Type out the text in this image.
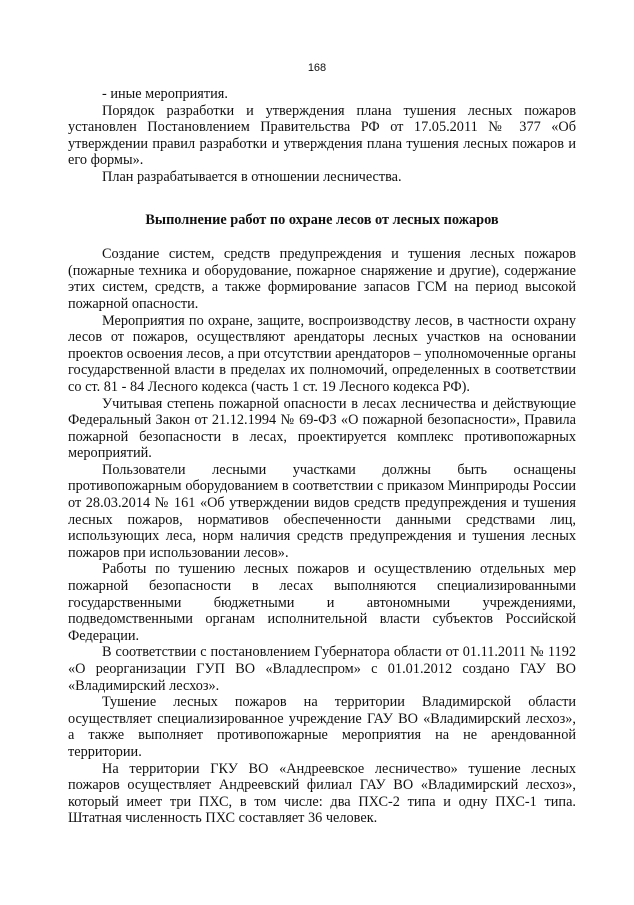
168

- иные мероприятия.

Порядок разработки и утверждения плана тушения лесных пожаров установлен Постановлением Правительства РФ от 17.05.2011 № 377 «Об утверждении правил разработки и утверждения плана тушения лесных пожаров и его формы».

План разрабатывается в отношении лесничества.

Выполнение работ по охране лесов от лесных пожаров

Создание систем, средств предупреждения и тушения лесных пожаров (пожарные техника и оборудование, пожарное снаряжение и другие), содержание этих систем, средств, а также формирование запасов ГСМ на период высокой пожарной опасности.

Мероприятия по охране, защите, воспроизводству лесов, в частности охрану лесов от пожаров, осуществляют арендаторы лесных участков на основании проектов освоения лесов, а при отсутствии арендаторов – уполномоченные органы государственной власти в пределах их полномочий, определенных в соответствии со ст. 81 - 84 Лесного кодекса (часть 1 ст. 19 Лесного кодекса РФ).

Учитывая степень пожарной опасности в лесах лесничества и действующие Федеральный Закон от 21.12.1994 № 69-ФЗ «О пожарной безопасности», Правила пожарной безопасности в лесах, проектируется комплекс противопожарных мероприятий.

Пользователи лесными участками должны быть оснащены противопожарным оборудованием в соответствии с приказом Минприроды России от 28.03.2014 № 161 «Об утверждении видов средств предупреждения и тушения лесных пожаров, нормативов обеспеченности данными средствами лиц, использующих леса, норм наличия средств предупреждения и тушения лесных пожаров при использовании лесов».

Работы по тушению лесных пожаров и осуществлению отдельных мер пожарной безопасности в лесах выполняются специализированными государственными бюджетными и автономными учреждениями, подведомственными органам исполнительной власти субъектов Российской Федерации.

В соответствии с постановлением Губернатора области от 01.11.2011 № 1192 «О реорганизации ГУП ВО «Владлеспром» с 01.01.2012 создано ГАУ ВО «Владимирский лесхоз».

Тушение лесных пожаров на территории Владимирской области осуществляет специализированное учреждение ГАУ ВО «Владимирский лесхоз», а также выполняет противопожарные мероприятия на не арендованной территории.

На территории ГКУ ВО «Андреевское лесничество» тушение лесных пожаров осуществляет Андреевский филиал ГАУ ВО «Владимирский лесхоз», который имеет три ПХС, в том числе: два ПХС-2 типа и одну ПХС-1 типа. Штатная численность ПХС составляет 36 человек.
